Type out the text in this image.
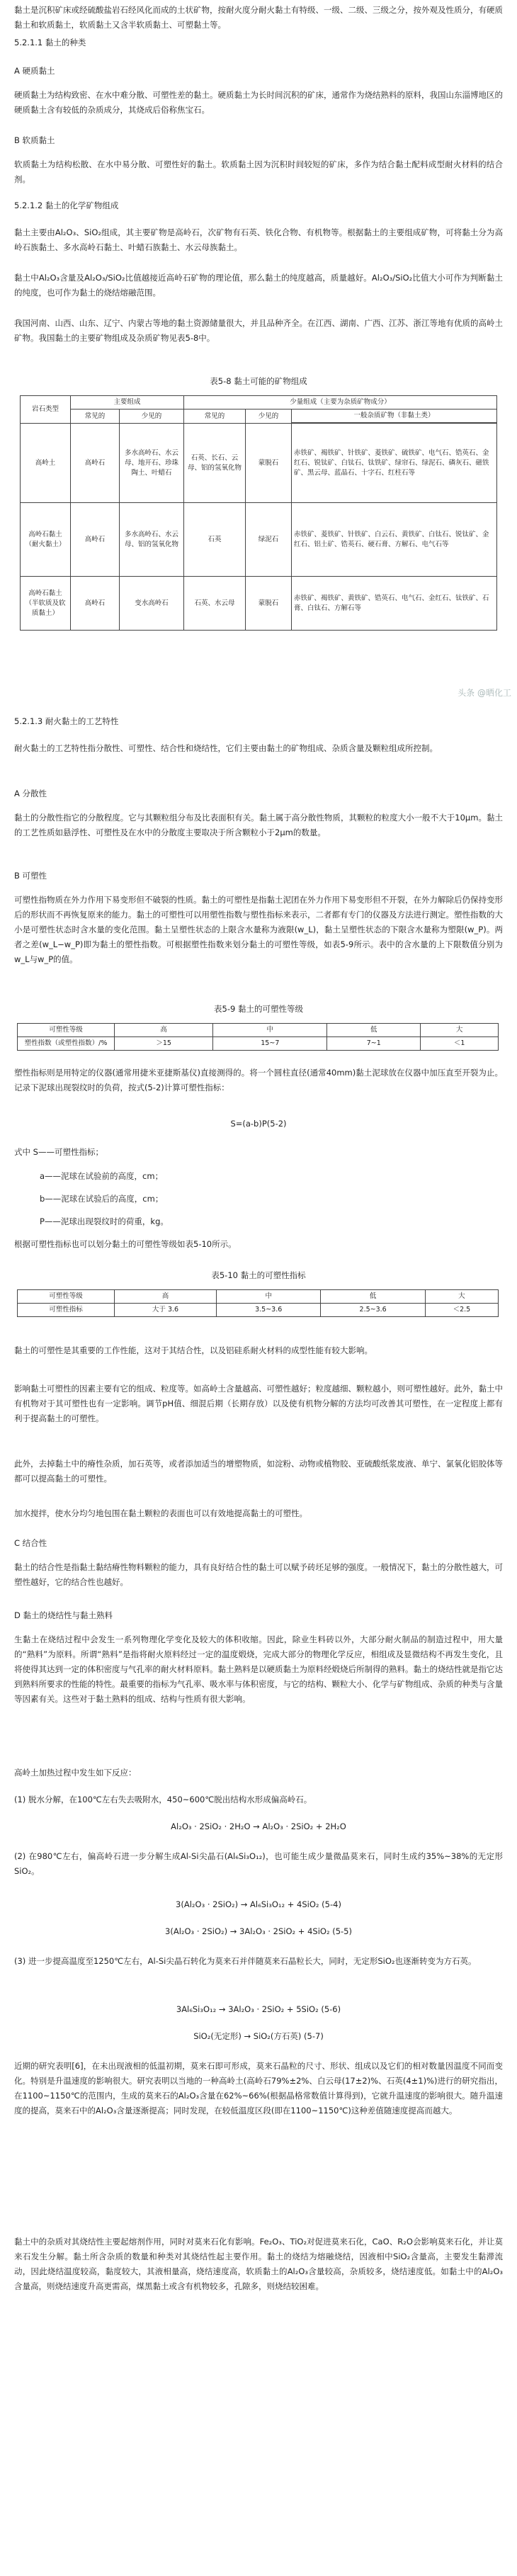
头条 @晒化工
黏土是沉积矿床或经硫酸盐岩石经风化而成的土状矿物，按耐火度分耐火黏土有特级、一级、二级、三级之分，按外观及性质分，有硬质黏土和软质黏土，软质黏土又含半软质黏土、可塑黏土等。
5.2.1.1 黏土的种类
A 硬质黏土
硬质黏土为结构致密、在水中难分散、可塑性差的黏土。硬质黏土为长时间沉积的矿床，通常作为烧结熟料的原料，我国山东淄博地区的硬质黏土含有较低的杂质成分，其烧成后俗称焦宝石。
B 软质黏土
软质黏土为结构松散、在水中易分散、可塑性好的黏土。软质黏土因为沉积时间较短的矿床，多作为结合黏土配料成型耐火材料的结合剂。
5.2.1.2 黏土的化学矿物组成
黏土主要由Al₂O₃、SiO₂组成，其主要矿物是高岭石，次矿物有石英、铁化合物、有机物等。根据黏土的主要组成矿物，可将黏土分为高岭石族黏土、多水高岭石黏土、叶蜡石族黏土、水云母族黏土。
黏土中Al₂O₃含量及Al₂O₃/SiO₂比值越接近高岭石矿物的理论值，那么黏土的纯度越高，质量越好。Al₂O₃/SiO₂比值大小可作为判断黏土的纯度，也可作为黏土的烧结熔融范围。
我国河南、山西、山东、辽宁、内蒙古等地的黏土资源储量很大，并且品种齐全。在江西、湖南、广西、江苏、浙江等地有优质的高岭土矿物。我国黏土的主要矿物组成及杂质矿物见表5-8中。
表5-8 黏土可能的矿物组成
岩石类型	主要组成		少量组成（主要为杂质矿物成分）		
	常见的	少见的	常见的	少见的	一般杂质矿物（非黏土类）

高岭土	高岭石	多水高岭石、水云母、地开石、珍珠陶土、叶蜡石	石英、长石、云母、铝的氢氧化物	蒙脱石	赤铁矿、褐铁矿、针铁矿、菱铁矿、硫铁矿、电气石、锆英石、金红石、锐钛矿、白钛石、钛铁矿、绿帘石、绿泥石、磷灰石、磁铁矿、黑云母、蓝晶石、十字石、红柱石等
高岭石黏土（耐火黏土）	高岭石	多水高岭石、水云母、铝的氢氧化物	石英	绿泥石	赤铁矿、菱铁矿、针铁矿、白云石、黄铁矿、白钛石、锐钛矿、金红石、铝土矿、锆英石、硬石膏、方解石、电气石等
高岭石黏土（半软质及软质黏土）	高岭石	变水高岭石	石英、水云母	蒙脱石	赤铁矿、褐铁矿、黄铁矿、锆英石、电气石、金红石、钛铁矿、石膏、白钛石、方解石等
5.2.1.3 耐火黏土的工艺特性
耐火黏土的工艺特性指分散性、可塑性、结合性和烧结性，它们主要由黏土的矿物组成、杂质含量及颗粒组成所控制。
A 分散性
黏土的分散性指它的分散程度。它与其颗粒组分布及比表面积有关。黏土属于高分散性物质，其颗粒的粒度大小一般不大于10μm。黏土的工艺性质如悬浮性、可塑性及在水中的分散度主要取决于所含颗粒小于2μm的数量。
B 可塑性
可塑性指物质在外力作用下易变形但不破裂的性质。黏土的可塑性是指黏土泥团在外力作用下易变形但不开裂，在外力解除后仍保持变形后的形状而不再恢复原来的能力。黏土的可塑性可以用塑性指数与塑性指标来表示，二者都有专门的仪器及方法进行测定。塑性指数的大小是可塑性状态时含水量的变化范围。黏土呈塑性状态的上限含水量称为液限(w_L)，黏土呈塑性状态的下限含水量称为塑限(w_P)。两者之差(w_L−w_P)即为黏土的塑性指数。可根据塑性指数来划分黏土的可塑性等级，如表5-9所示。表中的含水量的上下限数值分别为w_L与w_P的值。
表5-9 黏土的可塑性等级
可塑性等级	高	中	低	大
塑性指数（或塑性指数）/%	＞15	15~7	7~1	＜1
塑性指标则是用特定的仪器(通常用捷米亚捷斯基仪)直接测得的。将一个圆柱直径(通常40mm)黏土泥球放在仪器中加压直至开裂为止。记录下泥球出现裂纹时的负荷，按式(5-2)计算可塑性指标：
S=(a-b)P(5-2)
式中 S——可塑性指标；
a——泥球在试验前的高度，cm；
b——泥球在试验后的高度，cm；
P——泥球出现裂纹时的荷重，kg。
根据可塑性指标也可以划分黏土的可塑性等级如表5-10所示。
表5-10 黏土的可塑性指标
可塑性等级	高	中	低	大
可塑性指标	大于 3.6	3.5~3.6	2.5~3.6	＜2.5
黏土的可塑性是其重要的工作性能，这对于其结合性，以及铝硅系耐火材料的成型性能有较大影响。
影响黏土可塑性的因素主要有它的组成、粒度等。如高岭土含量越高、可塑性越好；粒度越细、颗粒越小，则可塑性越好。此外，黏土中有机物对于其可塑性也有一定影响。调节pH值、细混后期（长期存放）以及使有机物分解的方法均可改善其可塑性，在一定程度上都有利于提高黏土的可塑性。
此外，去掉黏土中的瘠性杂质，加石英等，或者添加适当的增塑物质，如淀粉、动物或植物胶、亚硫酸纸浆废液、单宁、氯氧化铝胶体等都可以提高黏土的可塑性。
加水搅拌，使水分均匀地包围在黏土颗粒的表面也可以有效地提高黏土的可塑性。
C 结合性
黏土的结合性是指黏土黏结瘠性物料颗粒的能力，具有良好结合性的黏土可以赋予砖坯足够的强度。一般情况下，黏土的分散性越大，可塑性越好，它的结合性也越好。
D 黏土的烧结性与黏土熟料
生黏土在烧结过程中会发生一系列物理化学变化及较大的体积收缩。因此，除业生料砖以外，大部分耐火制品的制造过程中，用大量的“熟料”为原料。所谓“熟料”是指将耐火原料经过一定的温度煅烧，完成大部分的物理化学反应，相组成及显微结构不再发生变化，且将使得其达到一定的体积密度与气孔率的耐火材料原料。黏土熟料是以硬质黏土为原料经煅烧后所制得的熟料。黏土的烧结性就是指它达到熟料所要求的性能的特性。最重要的指标为气孔率、吸水率与体积密度，与它的结构、颗粒大小、化学与矿物组成、杂质的种类与含量等因素有关。这些对于黏土熟料的组成、结构与性质有很大影响。
高岭土加热过程中发生如下反应：
(1) 脱水分解，在100℃左右失去吸附水，450~600℃脱出结构水形成偏高岭石。
Al₂O₃ · 2SiO₂ · 2H₂O → Al₂O₃ · 2SiO₂ + 2H₂O
(2) 在980℃左右，偏高岭石进一步分解生成Al-Si尖晶石(Al₆Si₃O₁₂)，也可能生成少量微晶莫来石，同时生成约35%~38%的无定形SiO₂。
3(Al₂O₃ · 2SiO₂) → Al₆Si₃O₁₂ + 4SiO₂ (5-4)
3(Al₂O₃ · 2SiO₂) → 3Al₂O₃ · 2SiO₂ + 4SiO₂ (5-5)
(3) 进一步提高温度至1250℃左右，Al-Si尖晶石转化为莫来石并伴随莫来石晶粒长大，同时，无定形SiO₂也逐渐转变为方石英。
3Al₆Si₃O₁₂ → 3Al₂O₃ · 2SiO₂ + 5SiO₂ (5-6)
SiO₂(无定形) → SiO₂(方石英) (5-7)
近期的研究表明[6]，在未出现液相的低温初期，莫来石即可形成，莫来石晶粒的尺寸、形状、组成以及它们的相对数量因温度不同而变化。特别是升温速度的影响很大。研究表明以当地的一种高岭土(高岭石79%±2%、白云母(17±2)%、石英(4±1)%)进行的研究指出，在1100~1150℃的范围内，生成的莫来石的Al₂O₃含量在62%~66%(根据晶格常数值计算得到)，它就升温速度的影响很大。随升温速度的提高，莫来石中的Al₂O₃含量逐渐提高；同时发现，在较低温度区段(即在1100~1150℃)这种差值随速度提高而越大。
黏土中的杂质对其烧结性主要起熔剂作用，同时对莫来石化有影响。Fe₂O₃、TiO₂对促进莫来石化，CaO、R₂O会影响莫来石化，并让莫来石发生分解。黏土所含杂质的数量和种类对其烧结性起主要作用。黏土的烧结为熔融烧结，因液相中SiO₂含量高，主要发生黏滞流动，因此烧结温度较高，黏度较大，其液相量高，烧结速度高，软质黏土的Al₂O₃含量较高，杂质较多，烧结速度低。如黏土中的Al₂O₃含量高，则烧结速度升高更需高，煤黑黏土或含有机物较多，孔隙多，则烧结较困难。
